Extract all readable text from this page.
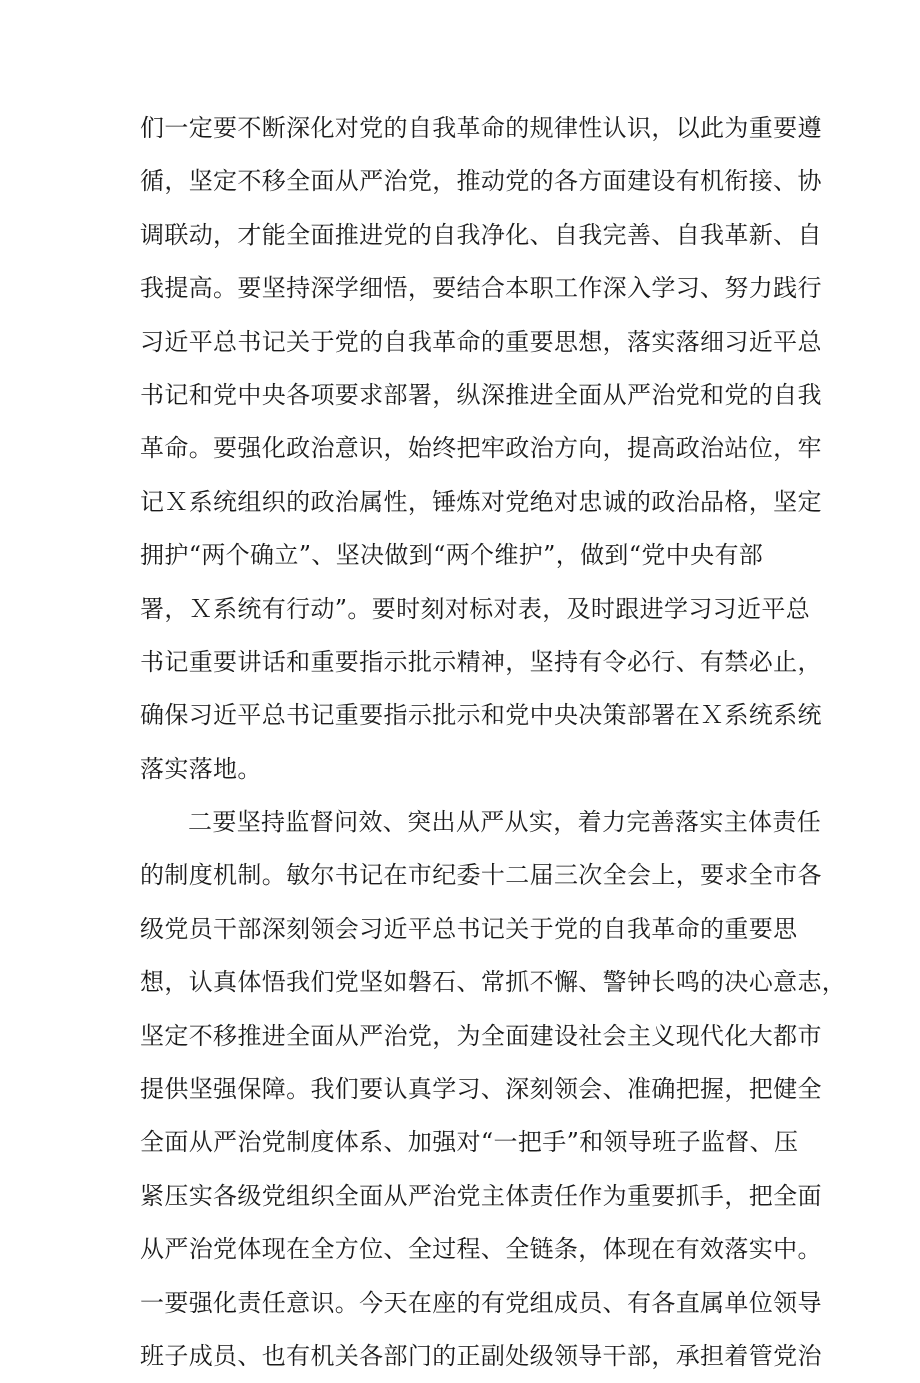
们一定要不断深化对党的自我革命的规律性认识，以此为重要遵
循，坚定不移全面从严治党，推动党的各方面建设有机衔接、协
调联动，才能全面推进党的自我净化、自我完善、自我革新、自
我提高。要坚持深学细悟，要结合本职工作深入学习、努力践行
习近平总书记关于党的自我革命的重要思想，落实落细习近平总
书记和党中央各项要求部署，纵深推进全面从严治党和党的自我
革命。要强化政治意识，始终把牢政治方向，提高政治站位，牢
记Ｘ系统组织的政治属性，锤炼对党绝对忠诚的政治品格，坚定
拥护“两个确立”、坚决做到“两个维护”，做到“党中央有部
署，Ｘ系统有行动”。要时刻对标对表，及时跟进学习习近平总
书记重要讲话和重要指示批示精神，坚持有令必行、有禁必止，
确保习近平总书记重要指示批示和党中央决策部署在Ｘ系统系统
落实落地。
二要坚持监督问效、突出从严从实，着力完善落实主体责任
的制度机制。敏尔书记在市纪委十二届三次全会上，要求全市各
级党员干部深刻领会习近平总书记关于党的自我革命的重要思
想，认真体悟我们党坚如磐石、常抓不懈、警钟长鸣的决心意志，
坚定不移推进全面从严治党，为全面建设社会主义现代化大都市
提供坚强保障。我们要认真学习、深刻领会、准确把握，把健全
全面从严治党制度体系、加强对“一把手”和领导班子监督、压
紧压实各级党组织全面从严治党主体责任作为重要抓手，把全面
从严治党体现在全方位、全过程、全链条，体现在有效落实中。
一要强化责任意识。今天在座的有党组成员、有各直属单位领导
班子成员、也有机关各部门的正副处级领导干部，承担着管党治
